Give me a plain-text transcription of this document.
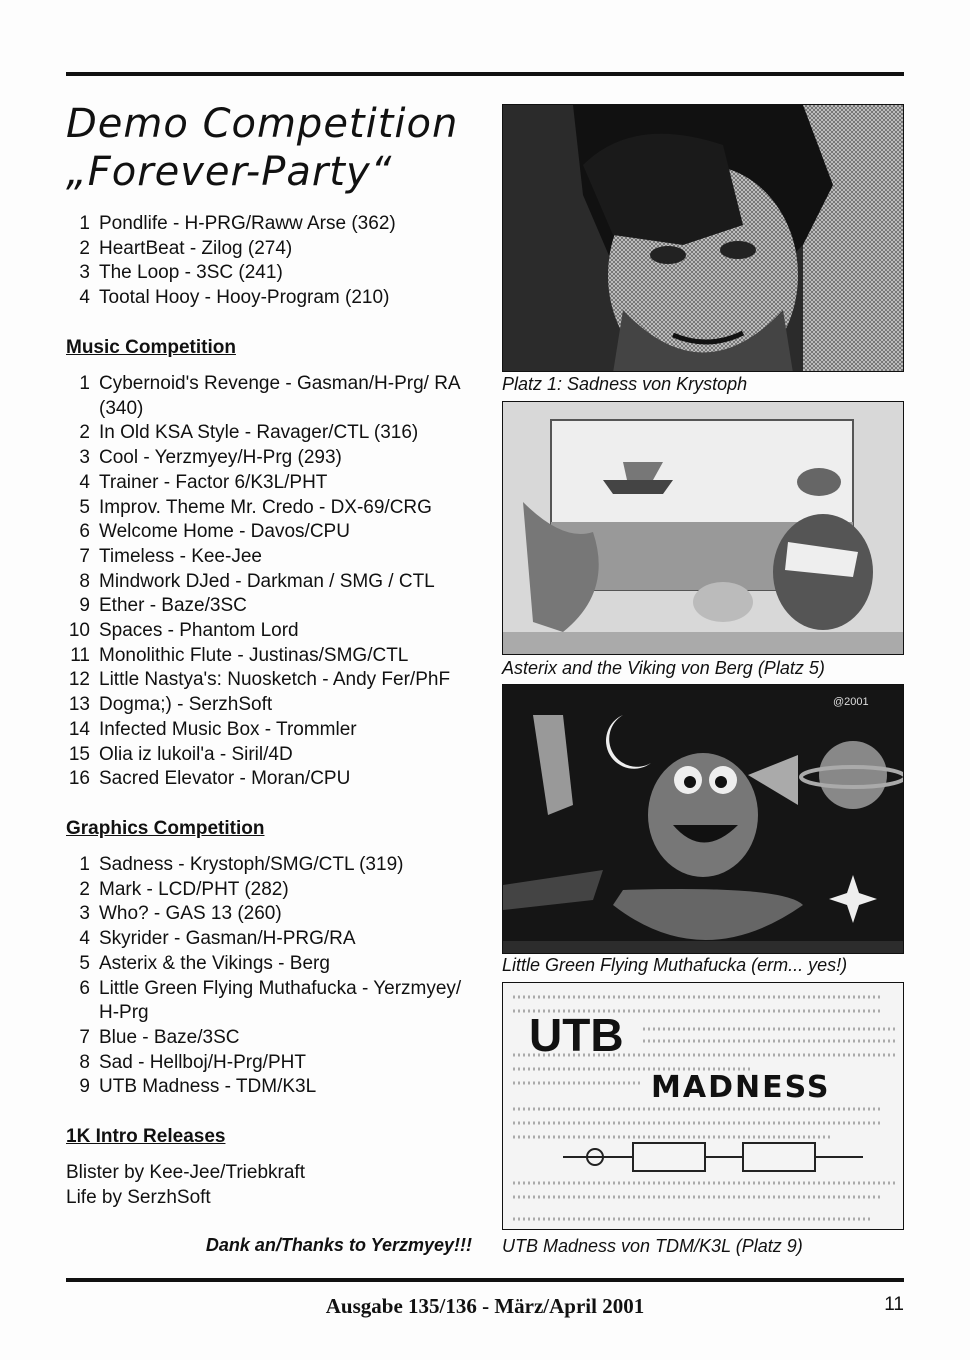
Demo Competition
„Forever-Party“
1 Pondlife - H-PRG/Raww Arse (362)
2 HeartBeat - Zilog (274)
3 The Loop - 3SC (241)
4 Tootal Hooy - Hooy-Program (210)
Music Competition
1 Cybernoid's Revenge - Gasman/H-Prg/ RA (340)
2 In Old KSA Style - Ravager/CTL (316)
3 Cool - Yerzmyey/H-Prg (293)
4 Trainer - Factor 6/K3L/PHT
5 Improv. Theme Mr. Credo - DX-69/CRG
6 Welcome Home - Davos/CPU
7 Timeless - Kee-Jee
8 Mindwork DJed - Darkman / SMG / CTL
9 Ether - Baze/3SC
10 Spaces - Phantom Lord
11 Monolithic Flute - Justinas/SMG/CTL
12 Little Nastya's: Nuosketch - Andy Fer/PhF
13 Dogma;) - SerzhSoft
14 Infected Music Box - Trommler
15 Olia iz lukoil'a - Siril/4D
16 Sacred Elevator - Moran/CPU
Graphics Competition
1 Sadness - Krystoph/SMG/CTL (319)
2 Mark - LCD/PHT (282)
3 Who? - GAS 13 (260)
4 Skyrider - Gasman/H-PRG/RA
5 Asterix & the Vikings - Berg
6 Little Green Flying Muthafucka - Yerzmyey/ H-Prg
7 Blue - Baze/3SC
8 Sad - Hellboj/H-Prg/PHT
9 UTB Madness - TDM/K3L
1K Intro Releases
Blister by Kee-Jee/Triebkraft
Life by SerzhSoft
Dank an/Thanks to Yerzmyey!!!
Platz 1: Sadness von Krystoph
Asterix and the Viking von Berg (Platz 5)
@2001
Little Green Flying Muthafucka (erm... yes!)
UTB
MADNESS
UTB Madness von TDM/K3L (Platz 9)
Ausgabe 135/136 - März/April 2001	11
